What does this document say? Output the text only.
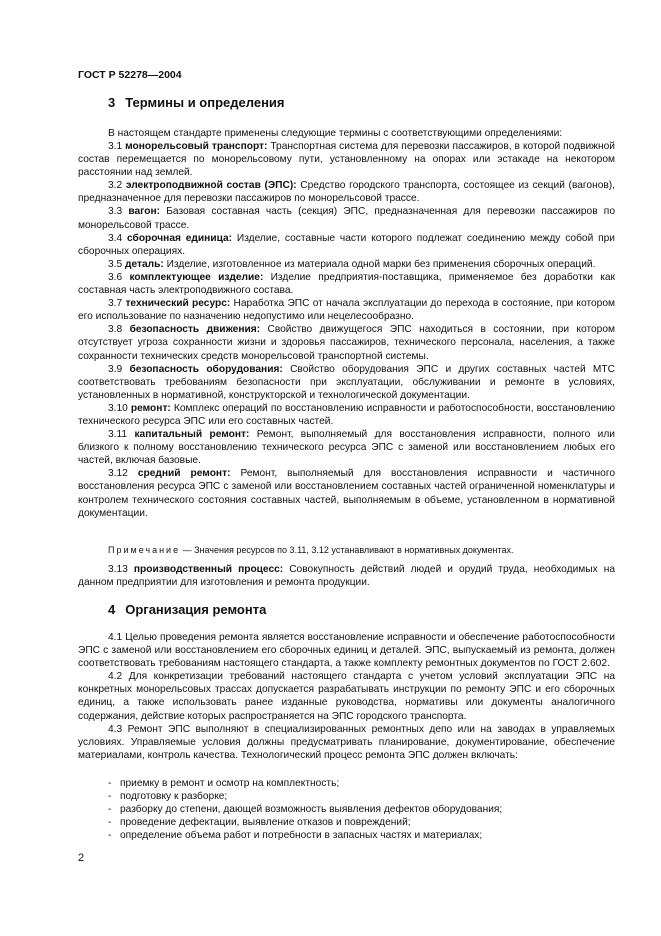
ГОСТ Р 52278—2004
3 Термины и определения

В настоящем стандарте применены следующие термины с соответствующими определениями:

3.1 монорельсовый транспорт: Транспортная система для перевозки пассажиров, в которой подвижной состав перемещается по монорельсовому пути, установленному на опорах или эстакаде на некотором расстоянии над землей.

3.2 электроподвижной состав (ЭПС): Средство городского транспорта, состоящее из секций (вагонов), предназначенное для перевозки пассажиров по монорельсовой трассе.

3.3 вагон: Базовая составная часть (секция) ЭПС, предназначенная для перевозки пассажиров по монорельсовой трассе.

3.4 сборочная единица: Изделие, составные части которого подлежат соединению между собой при сборочных операциях.

3.5 деталь: Изделие, изготовленное из материала одной марки без применения сборочных операций.

3.6 комплектующее изделие: Изделие предприятия-поставщика, применяемое без доработки как составная часть электроподвижного состава.

3.7 технический ресурс: Наработка ЭПС от начала эксплуатации до перехода в состояние, при котором его использование по назначению недопустимо или нецелесообразно.

3.8 безопасность движения: Свойство движущегося ЭПС находиться в состоянии, при котором отсутствует угроза сохранности жизни и здоровья пассажиров, технического персонала, населения, а также сохранности технических средств монорельсовой транспортной системы.

3.9 безопасность оборудования: Свойство оборудования ЭПС и других составных частей МТС соответствовать требованиям безопасности при эксплуатации, обслуживании и ремонте в условиях, установленных в нормативной, конструкторской и технологической документации.

3.10 ремонт: Комплекс операций по восстановлению исправности и работоспособности, восстановлению технического ресурса ЭПС или его составных частей.

3.11 капитальный ремонт: Ремонт, выполняемый для восстановления исправности, полного или близкого к полному восстановлению технического ресурса ЭПС с заменой или восстановлением любых его частей, включая базовые.

3.12 средний ремонт: Ремонт, выполняемый для восстановления исправности и частичного восстановления ресурса ЭПС с заменой или восстановлением составных частей ограниченной номенклатуры и контролем технического состояния составных частей, выполняемым в объеме, установленном в нормативной документации.

Примечание — Значения ресурсов по 3.11, 3.12 устанавливают в нормативных документах.

3.13 производственный процесс: Совокупность действий людей и орудий труда, необходимых на данном предприятии для изготовления и ремонта продукции.

4 Организация ремонта

4.1 Целью проведения ремонта является восстановление исправности и обеспечение работоспособности ЭПС с заменой или восстановлением его сборочных единиц и деталей. ЭПС, выпускаемый из ремонта, должен соответствовать требованиям настоящего стандарта, а также комплекту ремонтных документов по ГОСТ 2.602.

4.2 Для конкретизации требований настоящего стандарта с учетом условий эксплуатации ЭПС на конкретных монорельсовых трассах допускается разрабатывать инструкции по ремонту ЭПС и его сборочных единиц, а также использовать ранее изданные руководства, нормативы или документы аналогичного содержания, действие которых распространяется на ЭПС городского транспорта.

4.3 Ремонт ЭПС выполняют в специализированных ремонтных депо или на заводах в управляемых условиях. Управляемые условия должны предусматривать планирование, документирование, обеспечение материалами, контроль качества. Технологический процесс ремонта ЭПС должен включать:

- приемку в ремонт и осмотр на комплектность;
- подготовку к разборке;
- разборку до степени, дающей возможность выявления дефектов оборудования;
- проведение дефектации, выявление отказов и повреждений;
- определение объема работ и потребности в запасных частях и материалах;
2
